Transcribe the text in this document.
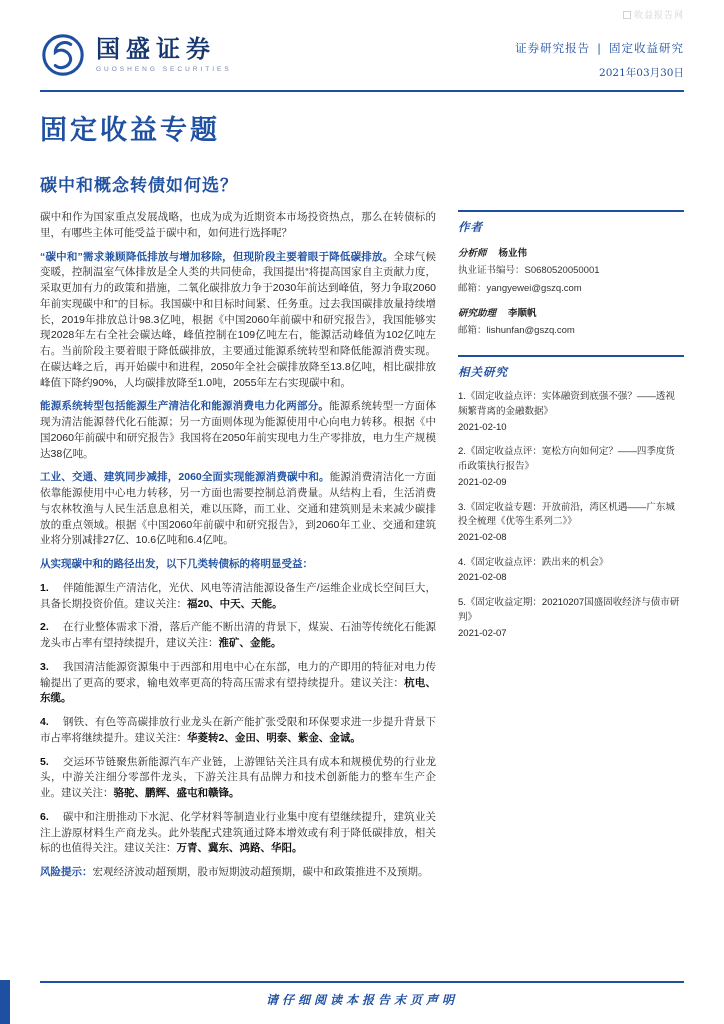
收益报告网
国盛证券
GUOSHENG SECURITIES
证券研究报告 | 固定收益研究
2021年03月30日
固定收益专题
碳中和概念转债如何选？

碳中和作为国家重点发展战略，也成为成为近期资本市场投资热点，那么在转债标的里，有哪些主体可能受益于碳中和，如何进行选择呢？

“碳中和”需求兼顾降低排放与增加移除，但现阶段主要着眼于降低碳排放。全球气候变暖，控制温室气体排放是全人类的共同使命，我国提出“将提高国家自主贡献力度，采取更加有力的政策和措施，二氧化碳排放力争于2030年前达到峰值，努力争取2060年前实现碳中和”的目标。我国碳中和目标时间紧、任务重。过去我国碳排放量持续增长，2019年排放总计98.3亿吨，根据《中国2060年前碳中和研究报告》，我国能够实现2028年左右全社会碳达峰，峰值控制在109亿吨左右，能源活动峰值为102亿吨左右。当前阶段主要着眼于降低碳排放，主要通过能源系统转型和降低能源消费实现。在碳达峰之后，再开始碳中和进程，2050年全社会碳排放降至13.8亿吨，相比碳排放峰值下降约90%，人均碳排放降至1.0吨，2055年左右实现碳中和。

能源系统转型包括能源生产清洁化和能源消费电力化两部分。能源系统转型一方面体现为清洁能源替代化石能源；另一方面则体现为能源使用中心向电力转移。根据《中国2060年前碳中和研究报告》我国将在2050年前实现电力生产零排放，电力生产规模达38亿吨。

工业、交通、建筑同步减排，2060全面实现能源消费碳中和。能源消费清洁化一方面依靠能源使用中心电力转移，另一方面也需要控制总消费量。从结构上看，生活消费与农林牧渔与人民生活息息相关，难以压降，而工业、交通和建筑则是未来减少碳排放的重点领域。根据《中国2060年前碳中和研究报告》，到2060年工业、交通和建筑业将分别减排27亿、10.6亿吨和6.4亿吨。

从实现碳中和的路径出发，以下几类转债标的将明显受益：

1. 伴随能源生产清洁化，光伏、风电等清洁能源设备生产/运维企业成长空间巨大，具备长期投资价值。建议关注：福20、中天、天能。

2. 在行业整体需求下滑，落后产能不断出清的背景下，煤炭、石油等传统化石能源龙头市占率有望持续提升，建议关注：淮矿、金能。

3. 我国清洁能源资源集中于西部和用电中心在东部，电力的产即用的特征对电力传输提出了更高的要求，输电效率更高的特高压需求有望持续提升。建议关注：杭电、东缆。

4. 钢铁、有色等高碳排放行业龙头在新产能扩张受限和环保要求进一步提升背景下市占率将继续提升。建议关注：华菱转2、金田、明泰、紫金、金诚。

5. 交运环节链聚焦新能源汽车产业链，上游锂钴关注具有成本和规模优势的行业龙头，中游关注细分零部件龙头，下游关注具有品牌力和技术创新能力的整车生产企业。建议关注：骆驼、鹏辉、盛屯和赣锋。

6. 碳中和注册推动下水泥、化学材料等制造业行业集中度有望继续提升，建筑业关注上游原材料生产商龙头。此外装配式建筑通过降本增效或有利于降低碳排放，相关标的也值得关注。建议关注：万青、冀东、鸿路、华阳。

风险提示：宏观经济波动超预期，股市短期波动超预期，碳中和政策推进不及预期。

作者
分析师 杨业伟
执业证书编号：S0680520050001
邮箱：yangyewei@gszq.com
研究助理 李顺帆
邮箱：lishunfan@gszq.com
相关研究
1.《固定收益点评：实体融资到底强不强？——透视频繁背离的金融数据》
2021-02-10
2.《固定收益点评：宽松方向如何定？——四季度货币政策执行报告》
2021-02-09
3.《固定收益专题：开放前沿，湾区机遇——广东城投全梳理《优等生系列二》》
2021-02-08
4.《固定收益点评：跌出来的机会》
2021-02-08
5.《固定收益定期：20210207国盛固收经济与债市研判》
2021-02-07
请仔细阅读本报告末页声明
